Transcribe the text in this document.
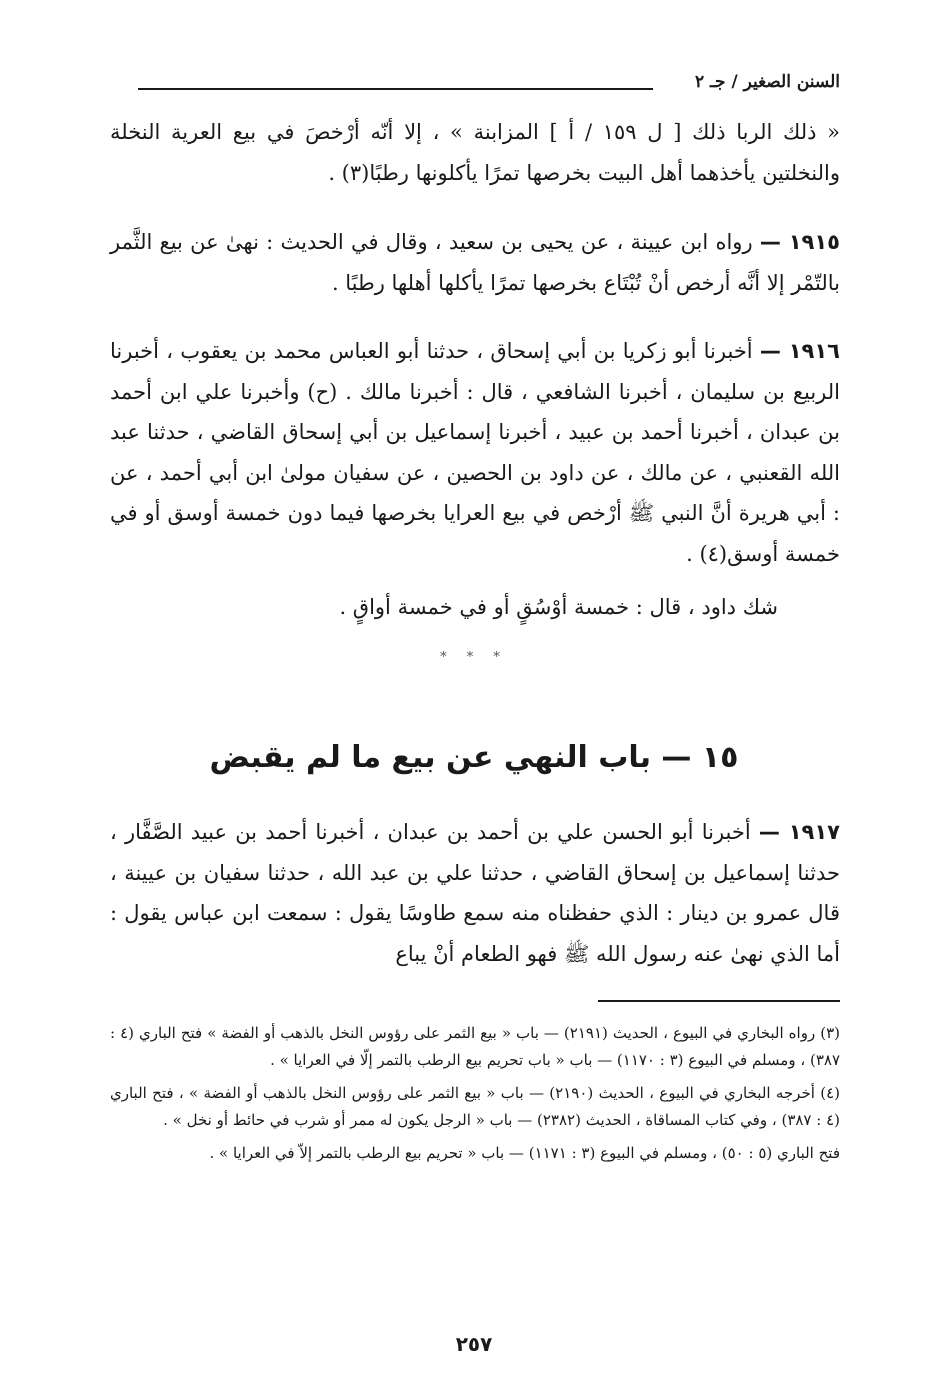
السنن الصغير / جـ ٢
« ذلك الربا ذلك [ ل ١٥٩ / أ ] المزابنة » ، إلا أنّه أرْخصَ في بيع العرية النخلة والنخلتين يأخذهما أهل البيت بخرصها تمرًا يأكلونها رطبًا(٣) .
١٩١٥ — رواه ابن عيينة ، عن يحيى بن سعيد ، وقال في الحديث : نهىٰ عن بيع الثَّمر بالتّمْر إلا أنَّه أرخص أنْ تُبْتَاع بخرصها تمرًا يأكلها أهلها رطبًا .
١٩١٦ — أخبرنا أبو زكريا بن أبي إسحاق ، حدثنا أبو العباس محمد بن يعقوب ، أخبرنا الربيع بن سليمان ، أخبرنا الشافعي ، قال : أخبرنا مالك . (ح) وأخبرنا علي ابن أحمد بن عبدان ، أخبرنا أحمد بن عبيد ، أخبرنا إسماعيل بن أبي إسحاق القاضي ، حدثنا عبد الله القعنبي ، عن مالك ، عن داود بن الحصين ، عن سفيان مولىٰ ابن أبي أحمد ، عن : أبي هريرة أنَّ النبي ﷺ أرْخص في بيع العرايا بخرصها فيما دون خمسة أوسق أو في خمسة أوسق(٤) .
شك داود ، قال : خمسة أوْسُقٍ أو في خمسة أواقٍ .
* * *
١٥ — باب النهي عن بيع ما لم يقبض
١٩١٧ — أخبرنا أبو الحسن علي بن أحمد بن عبدان ، أخبرنا أحمد بن عبيد الصَّفَّار ، حدثنا إسماعيل بن إسحاق القاضي ، حدثنا علي بن عبد الله ، حدثنا سفيان بن عيينة ، قال عمرو بن دينار : الذي حفظناه منه سمع طاوسًا يقول : سمعت ابن عباس يقول : أما الذي نهىٰ عنه رسول الله ﷺ فهو الطعام أنْ يباع

(٣) رواه البخاري في البيوع ، الحديث (٢١٩١) — باب « بيع الثمر على رؤوس النخل بالذهب أو الفضة » فتح الباري (٤ : ٣٨٧) ، ومسلم في البيوع (٣ : ١١٧٠) — باب « باب تحريم بيع الرطب بالتمر إلّا في العرايا » .

(٤) أخرجه البخاري في البيوع ، الحديث (٢١٩٠) — باب « بيع الثمر على رؤوس النخل بالذهب أو الفضة » ، فتح الباري (٤ : ٣٨٧) ، وفي كتاب المساقاة ، الحديث (٢٣٨٢) — باب « الرجل يكون له ممر أو شرب في حائط أو نخل » .

فتح الباري (٥ : ٥٠) ، ومسلم في البيوع (٣ : ١١٧١) — باب « تحريم بيع الرطب بالتمر إلاّ في العرايا » .

٢٥٧
